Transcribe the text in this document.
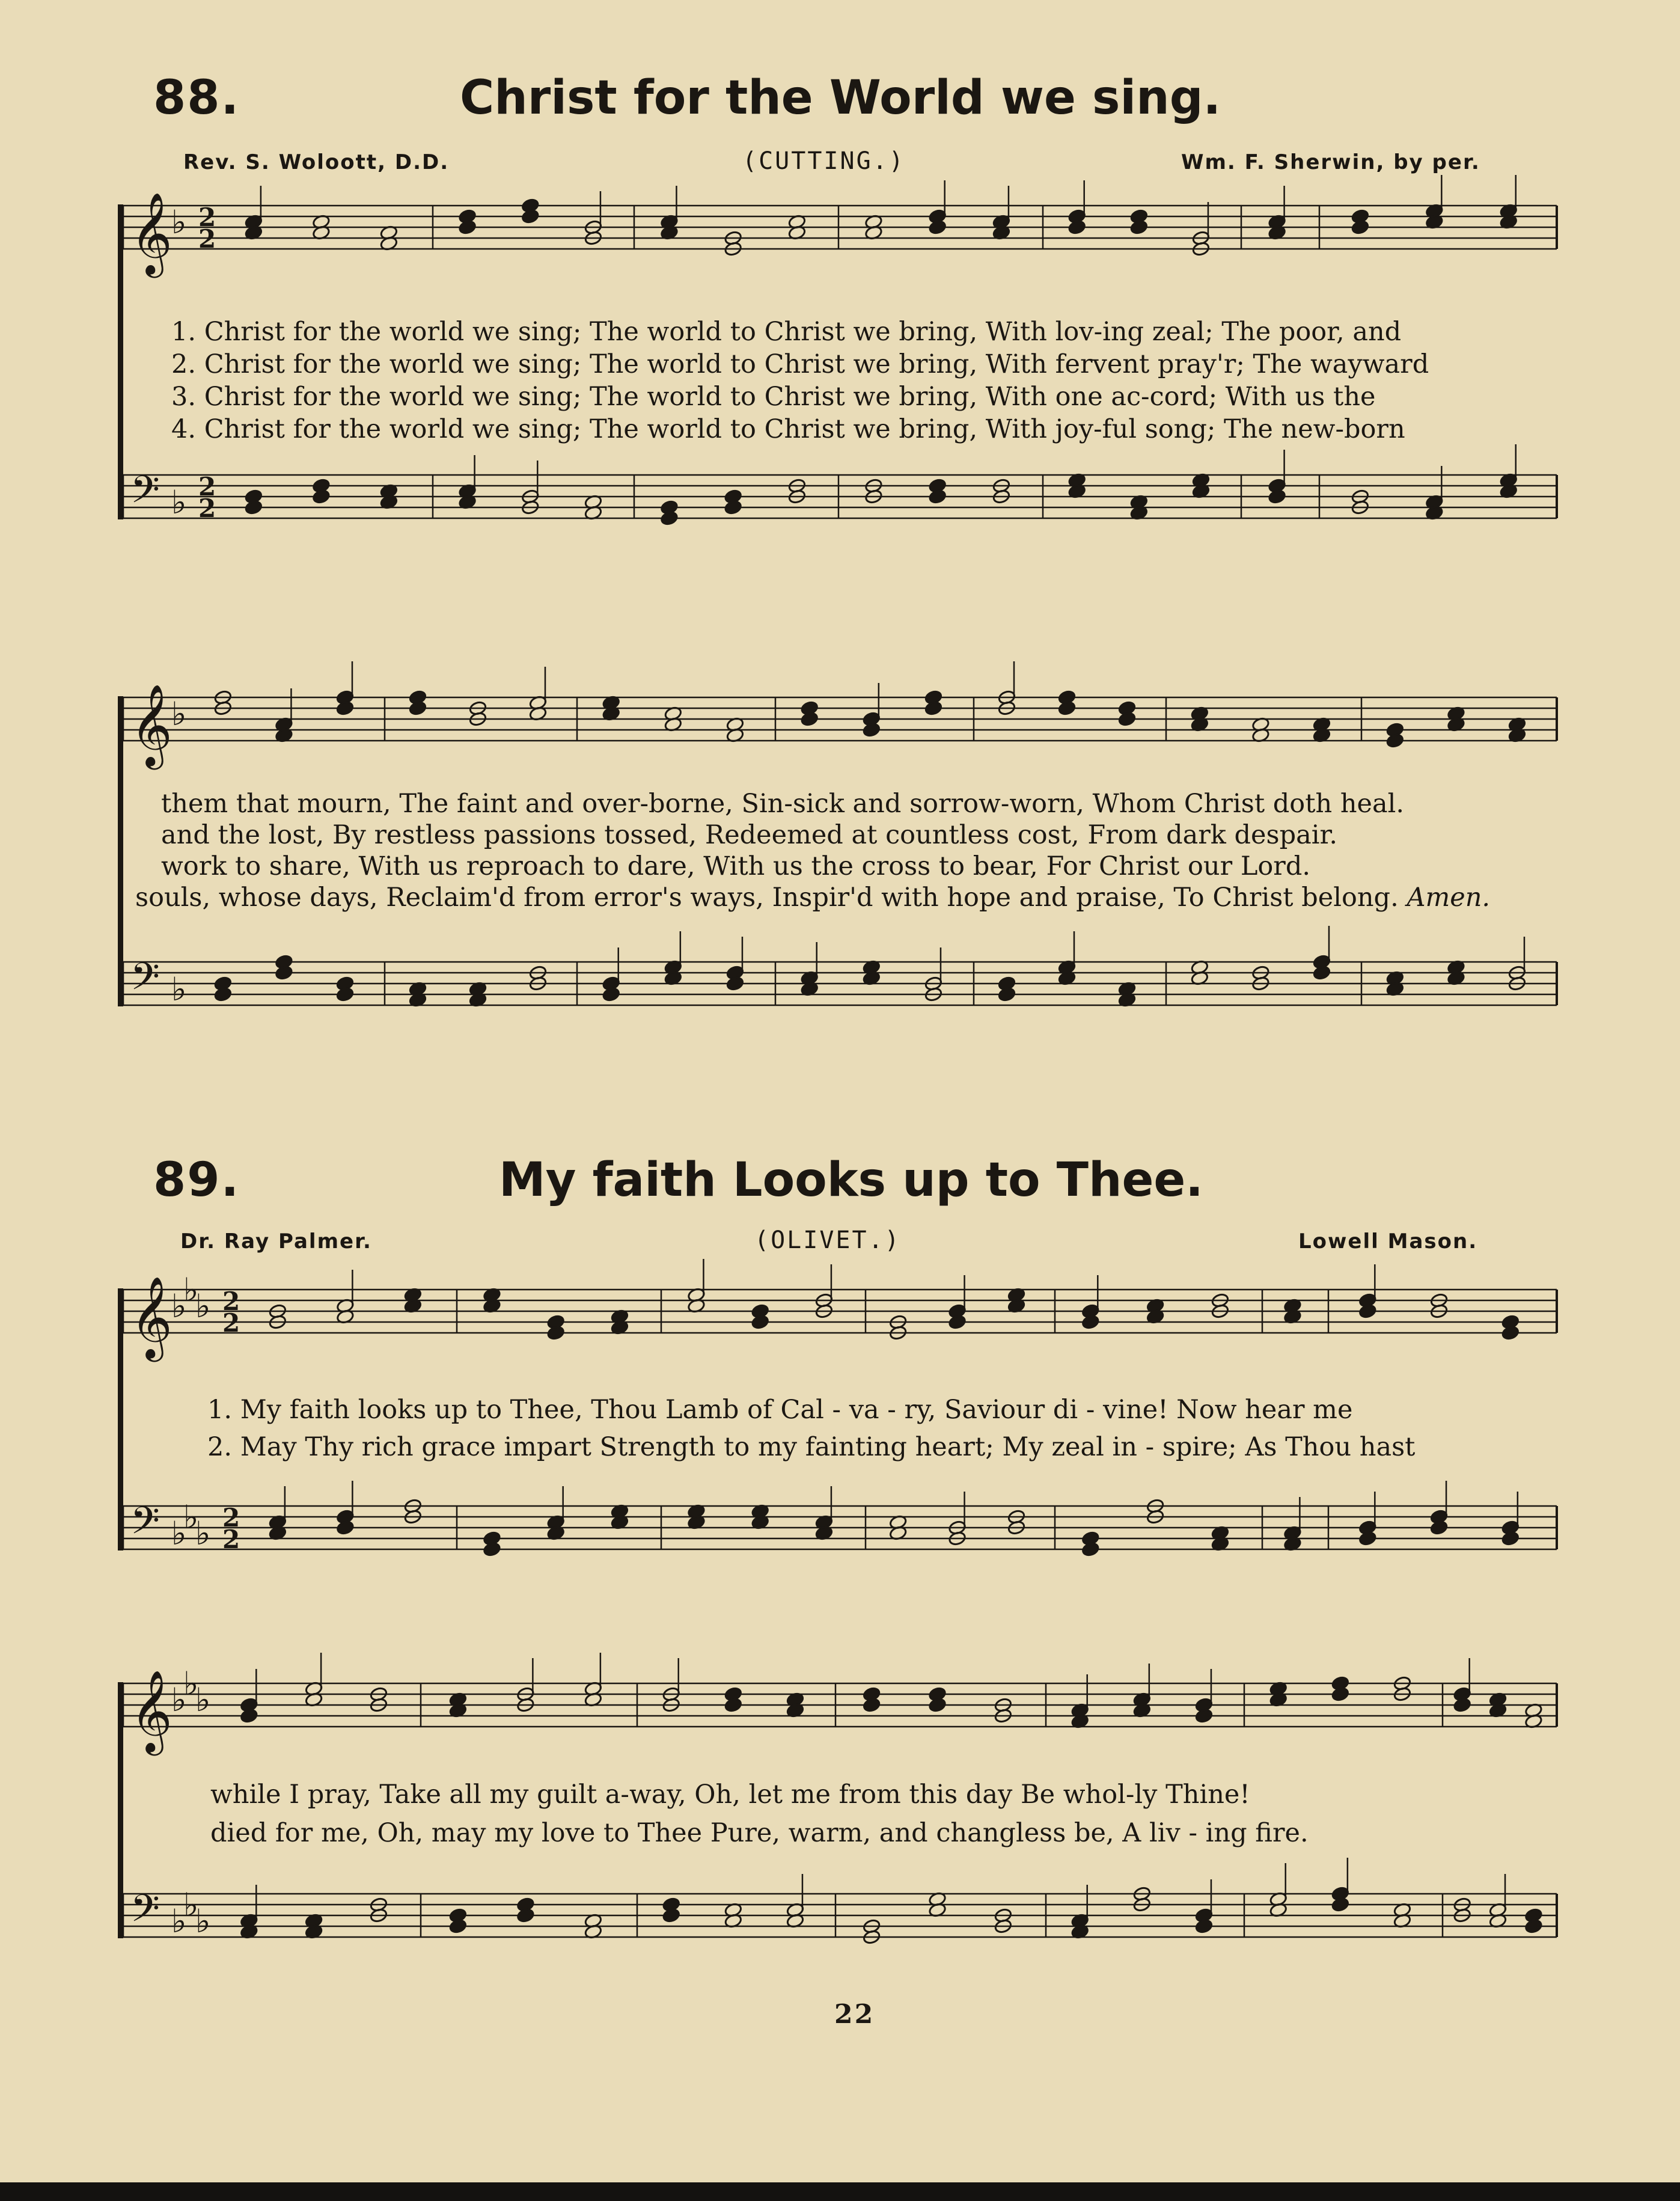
88.	Christ for the World we sing.
Rev. S. Woloott, D.D.	(CUTTING.)	Wm. F. Sherwin, by per.
1. Christ for the world we sing; The world to Christ we bring, With lov-ing zeal; The poor, and
2. Christ for the world we sing; The world to Christ we bring, With fervent pray'r; The wayward
3. Christ for the world we sing; The world to Christ we bring, With one ac-cord; With us the
4. Christ for the world we sing; The world to Christ we bring, With joy-ful song; The new-born
them that mourn, The faint and over-borne, Sin-sick and sorrow-worn, Whom Christ doth heal.
and the lost, By restless passions tossed, Redeemed at countless cost, From dark despair.
work to share, With us reproach to dare, With us the cross to bear, For Christ our Lord.
souls, whose days, Reclaim'd from error's ways, Inspir'd with hope and praise, To Christ belong. Amen.
89.	My faith Looks up to Thee.
Dr. Ray Palmer.	(OLIVET.)	Lowell Mason.
1. My faith looks up to Thee, Thou Lamb of Cal - va - ry, Saviour di - vine! Now hear me
2. May Thy rich grace impart Strength to my fainting heart; My zeal in - spire; As Thou hast
while I pray, Take all my guilt a-way, Oh, let me from this day Be whol-ly Thine!
died for me, Oh, may my love to Thee Pure, warm, and changless be, A liv - ing fire.
22
𝄞
♭ 2
2
𝄢 ♭ 2
2
𝄞
♭
𝄢 ♭
𝄞
♭
♭
♭ 2
2
𝄢 ♭
♭
♭ 2
2
𝄞
♭
♭
♭
𝄢 ♭
♭
♭
